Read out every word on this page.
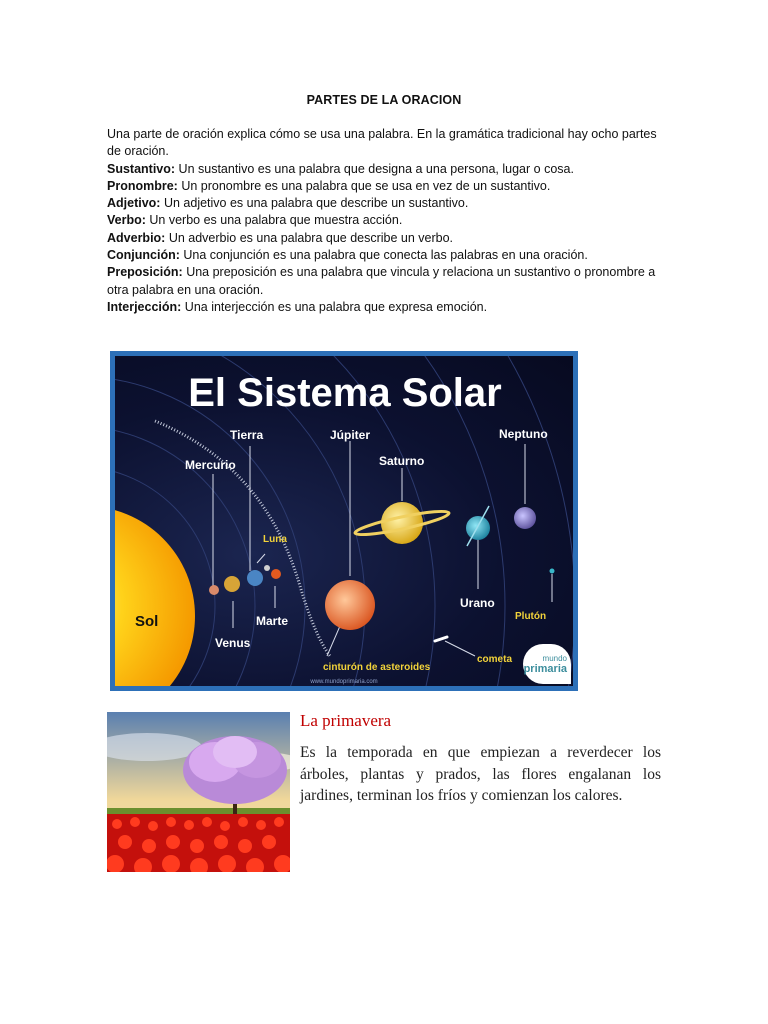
PARTES DE LA ORACION

Una parte de oración explica cómo se usa una palabra. En la gramática tradicional hay ocho partes de oración.

Sustantivo: Un sustantivo es una palabra que designa a una persona, lugar o cosa.

Pronombre: Un pronombre es una palabra que se usa en vez de un sustantivo.

Adjetivo: Un adjetivo es una palabra que describe un sustantivo.

Verbo: Un verbo es una palabra que muestra acción.

Adverbio: Un adverbio es una palabra que describe un verbo.

Conjunción: Una conjunción es una palabra que conecta las palabras en una oración.

Preposición: Una preposición es una palabra que vincula y relaciona un sustantivo o pronombre a otra palabra en una oración.

Interjección: Una interjección es una palabra que expresa emoción.

El Sistema Solar
Sol
Mercurio
Venus
Tierra
Luna
Marte
Júpiter
Saturno
Urano
Neptuno
Plutón
cinturón de asteroides
cometa
www.mundoprimaria.com
mundo
primaria
La primavera
Es la temporada en que empiezan a reverdecer los árboles, plantas y prados, las flores engalanan los jardines, terminan los fríos y comienzan los calores.
